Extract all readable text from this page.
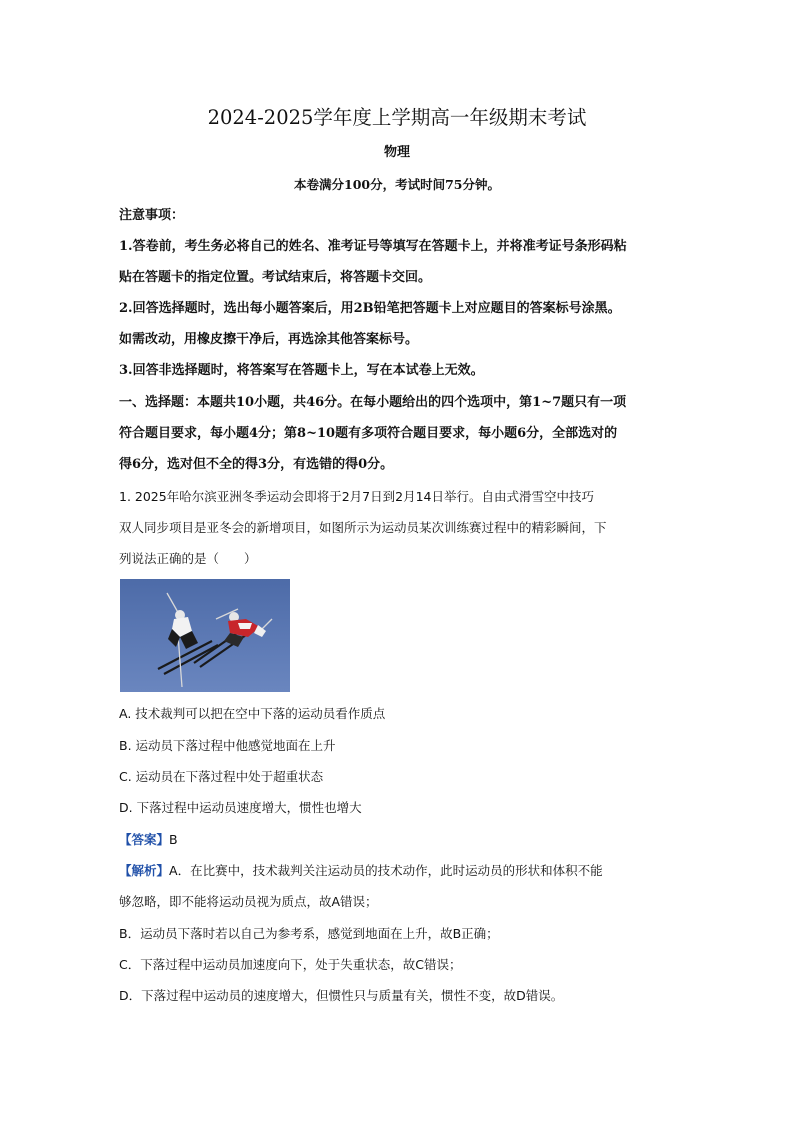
2024-2025学年度上学期高一年级期末考试
物理
本卷满分100分，考试时间75分钟。
注意事项：
1.答卷前，考生务必将自己的姓名、准考证号等填写在答题卡上，并将准考证号条形码粘
贴在答题卡的指定位置。考试结束后，将答题卡交回。
2.回答选择题时，选出每小题答案后，用2B铅笔把答题卡上对应题目的答案标号涂黑。
如需改动，用橡皮擦干净后，再选涂其他答案标号。
3.回答非选择题时，将答案写在答题卡上，写在本试卷上无效。
一、选择题：本题共10小题，共46分。在每小题给出的四个选项中，第1~7题只有一项
符合题目要求，每小题4分；第8~10题有多项符合题目要求，每小题6分，全部选对的
得6分，选对但不全的得3分，有选错的得0分。
1. 2025年哈尔滨亚洲冬季运动会即将于2月7日到2月14日举行。自由式滑雪空中技巧
双人同步项目是亚冬会的新增项目，如图所示为运动员某次训练赛过程中的精彩瞬间，下
列说法正确的是（　　）
A. 技术裁判可以把在空中下落的运动员看作质点
B. 运动员下落过程中他感觉地面在上升
C. 运动员在下落过程中处于超重状态
D. 下落过程中运动员速度增大，惯性也增大
【答案】B
【解析】A．在比赛中，技术裁判关注运动员的技术动作，此时运动员的形状和体积不能
够忽略，即不能将运动员视为质点，故A错误；
B．运动员下落时若以自己为参考系，感觉到地面在上升，故B正确；
C．下落过程中运动员加速度向下，处于失重状态，故C错误；
D．下落过程中运动员的速度增大，但惯性只与质量有关，惯性不变，故D错误。
